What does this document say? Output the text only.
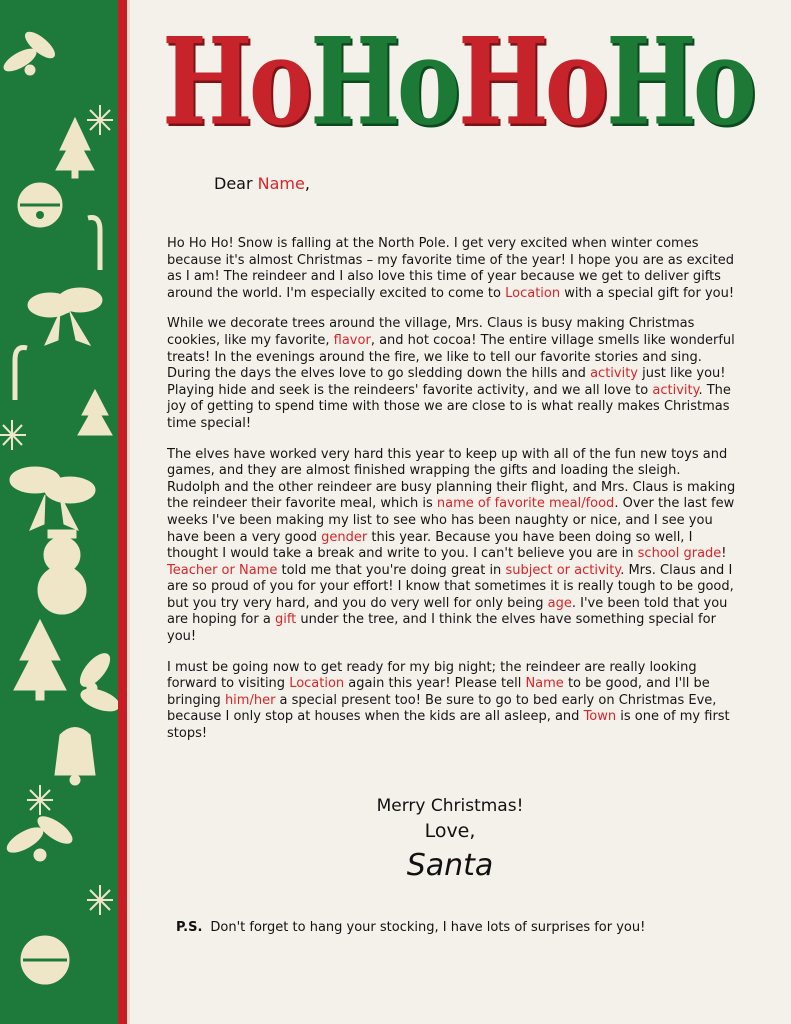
Ho Ho Ho Ho
Dear Name,

Ho Ho Ho! Snow is falling at the North Pole. I get very excited when winter comes because it's almost Christmas – my favorite time of the year! I hope you are as excited as I am! The reindeer and I also love this time of year because we get to deliver gifts around the world. I'm especially excited to come to Location with a special gift for you!

While we decorate trees around the village, Mrs. Claus is busy making Christmas cookies, like my favorite, flavor, and hot cocoa! The entire village smells like wonderful treats! In the evenings around the fire, we like to tell our favorite stories and sing. During the days the elves love to go sledding down the hills and activity just like you! Playing hide and seek is the reindeers' favorite activity, and we all love to activity. The joy of getting to spend time with those we are close to is what really makes Christmas time special!

The elves have worked very hard this year to keep up with all of the fun new toys and games, and they are almost finished wrapping the gifts and loading the sleigh. Rudolph and the other reindeer are busy planning their flight, and Mrs. Claus is making the reindeer their favorite meal, which is name of favorite meal/food. Over the last few weeks I've been making my list to see who has been naughty or nice, and I see you have been a very good gender this year. Because you have been doing so well, I thought I would take a break and write to you. I can't believe you are in school grade! Teacher or Name told me that you're doing great in subject or activity. Mrs. Claus and I are so proud of you for your effort! I know that sometimes it is really tough to be good, but you try very hard, and you do very well for only being age. I've been told that you are hoping for a gift under the tree, and I think the elves have something special for you!

I must be going now to get ready for my big night; the reindeer are really looking forward to visiting Location again this year! Please tell Name to be good, and I'll be bringing him/her a special present too! Be sure to go to bed early on Christmas Eve, because I only stop at houses when the kids are all asleep, and Town is one of my first stops!

Merry Christmas!
Love,
Santa
P.S. Don't forget to hang your stocking, I have lots of surprises for you!
